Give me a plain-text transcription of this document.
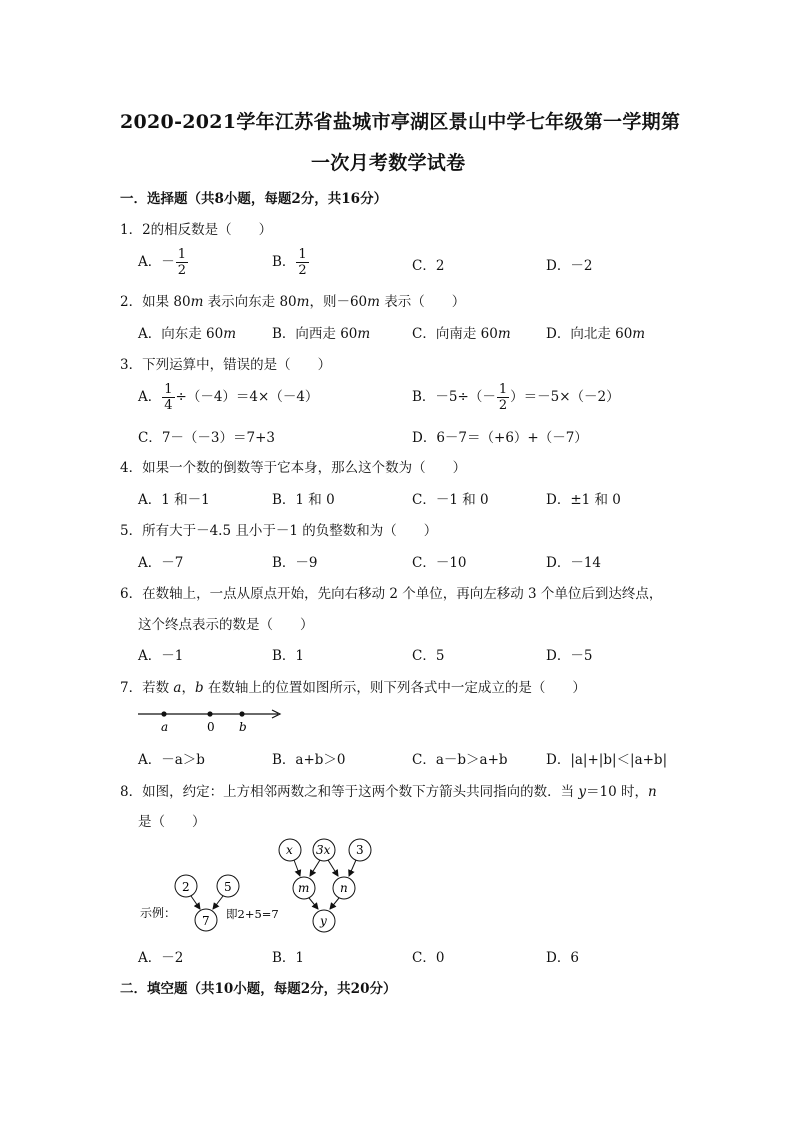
2020-2021学年江苏省盐城市亭湖区景山中学七年级第一学期第
一次月考数学试卷
一．选择题（共8小题，每题2分，共16分）
1．2的相反数是（　　）
A．－ $\frac{1}{2}$	B． $\frac{1}{2}$	C．2	D．－2
2．如果 80m 表示向东走 80m，则－60m 表示（　　）
A．向东走 60m	B．向西走 60m	C．向南走 60m	D．向北走 60m
3．下列运算中，错误的是（　　）
A． $\frac{1}{4} \div(-4)=4\times(-4)$	B．$-5\div(- \frac{1}{2} )=-5\times(-2)$
C．7－（－3）＝7+3	D．6－7＝（+6）+（－7）
4．如果一个数的倒数等于它本身，那么这个数为（　　）
A．1 和－1	B．1 和 0	C．－1 和 0	D．±1 和 0
5．所有大于－4.5 且小于－1 的负整数和为（　　）
A．－7	B．－9	C．－10	D．－14
6．在数轴上，一点从原点开始，先向右移动 2 个单位，再向左移动 3 个单位后到达终点，
这个终点表示的数是（　　）
A．－1	B．1	C．5	D．－5
7．若数 a，b 在数轴上的位置如图所示，则下列各式中一定成立的是（　　）
a	0 b
A．－a＞b	B．a+b＞0	C．a－b＞a+b	D．|a|+|b|＜|a+b|
8．如图，约定：上方相邻两数之和等于这两个数下方箭头共同指向的数．当 y＝10 时，n
是（　　）
2	5
7
示例：	即2+5=7
x 3x 3
m	n
y
A．－2	B．1	C．0	D．6
二．填空题（共10小题，每题2分，共20分）
